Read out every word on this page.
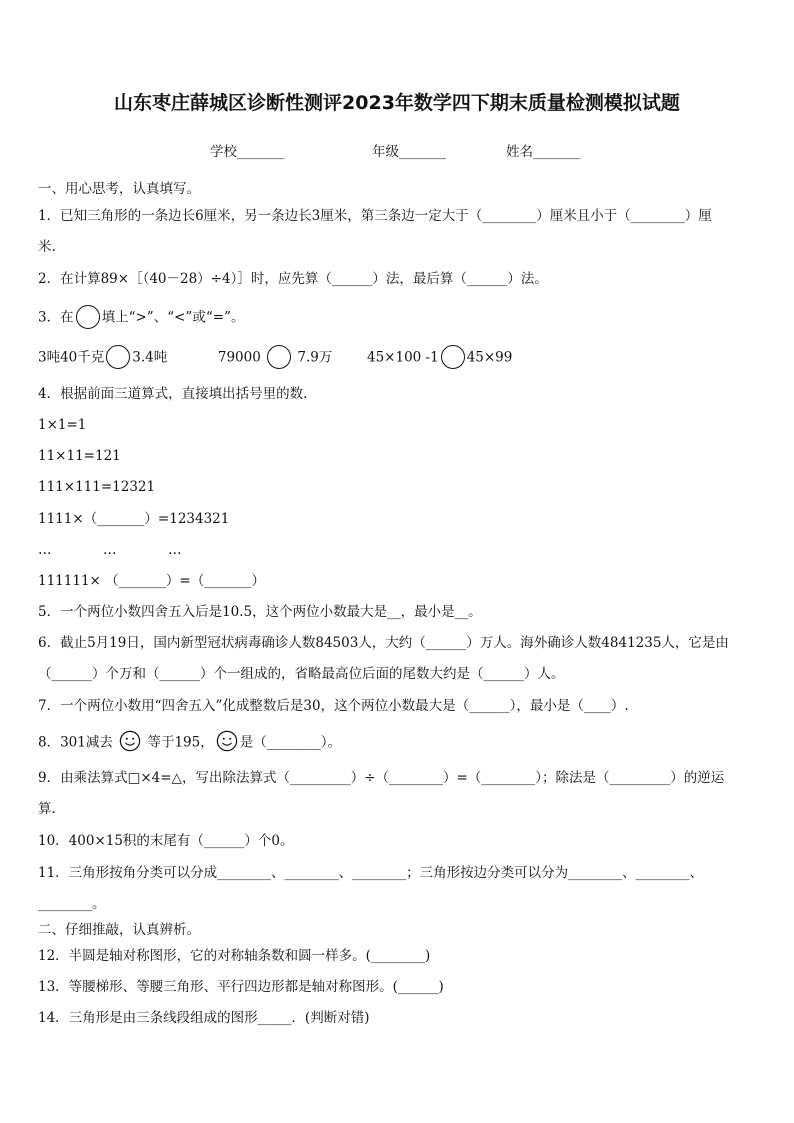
山东枣庄薛城区诊断性测评2023年数学四下期末质量检测模拟试题
学校_______	年级_______	姓名_______
一、用心思考，认真填写。
1．已知三角形的一条边长6厘米，另一条边长3厘米，第三条边一定大于（________）厘米且小于（________）厘
米.
2．在计算89×［（40－28）÷4）］时，应先算（______）法，最后算（______）法。
3．在 填上“>”、“<”或“=”。
3吨40千克 3.4吨	79000	7.9万	45×100 -1 45×99
4．根据前面三道算式，直接填出括号里的数.
1×1=1
11×11=121
111×111=12321
1111×（_______）=1234321
…            …            …
111111× （_______）=（_______）
5．一个两位小数四舍五入后是10.5，这个两位小数最大是__，最小是__。
6．截止5月19日，国内新型冠状病毒确诊人数84503人，大约（______）万人。海外确诊人数4841235人，它是由
（______）个万和（______）个一组成的，省略最高位后面的尾数大约是（______）人。
7．一个两位小数用“四舍五入”化成整数后是30，这个两位小数最大是（______），最小是（____）.
8．301减去	等于195， 是（________）。
9．由乘法算式□×4=△，写出除法算式（_________）÷（________）=（________）；除法是（_________）的逆运
算.
10．400×15积的末尾有（______）个0。
11．三角形按角分类可以分成________、________、________；三角形按边分类可以分为________、________、
________。
二、仔细推敲，认真辨析。
12．半圆是轴对称图形，它的对称轴条数和圆一样多。(________)
13．等腰梯形、等腰三角形、平行四边形都是轴对称图形。(______)
14．三角形是由三条线段组成的图形_____．(判断对错)
